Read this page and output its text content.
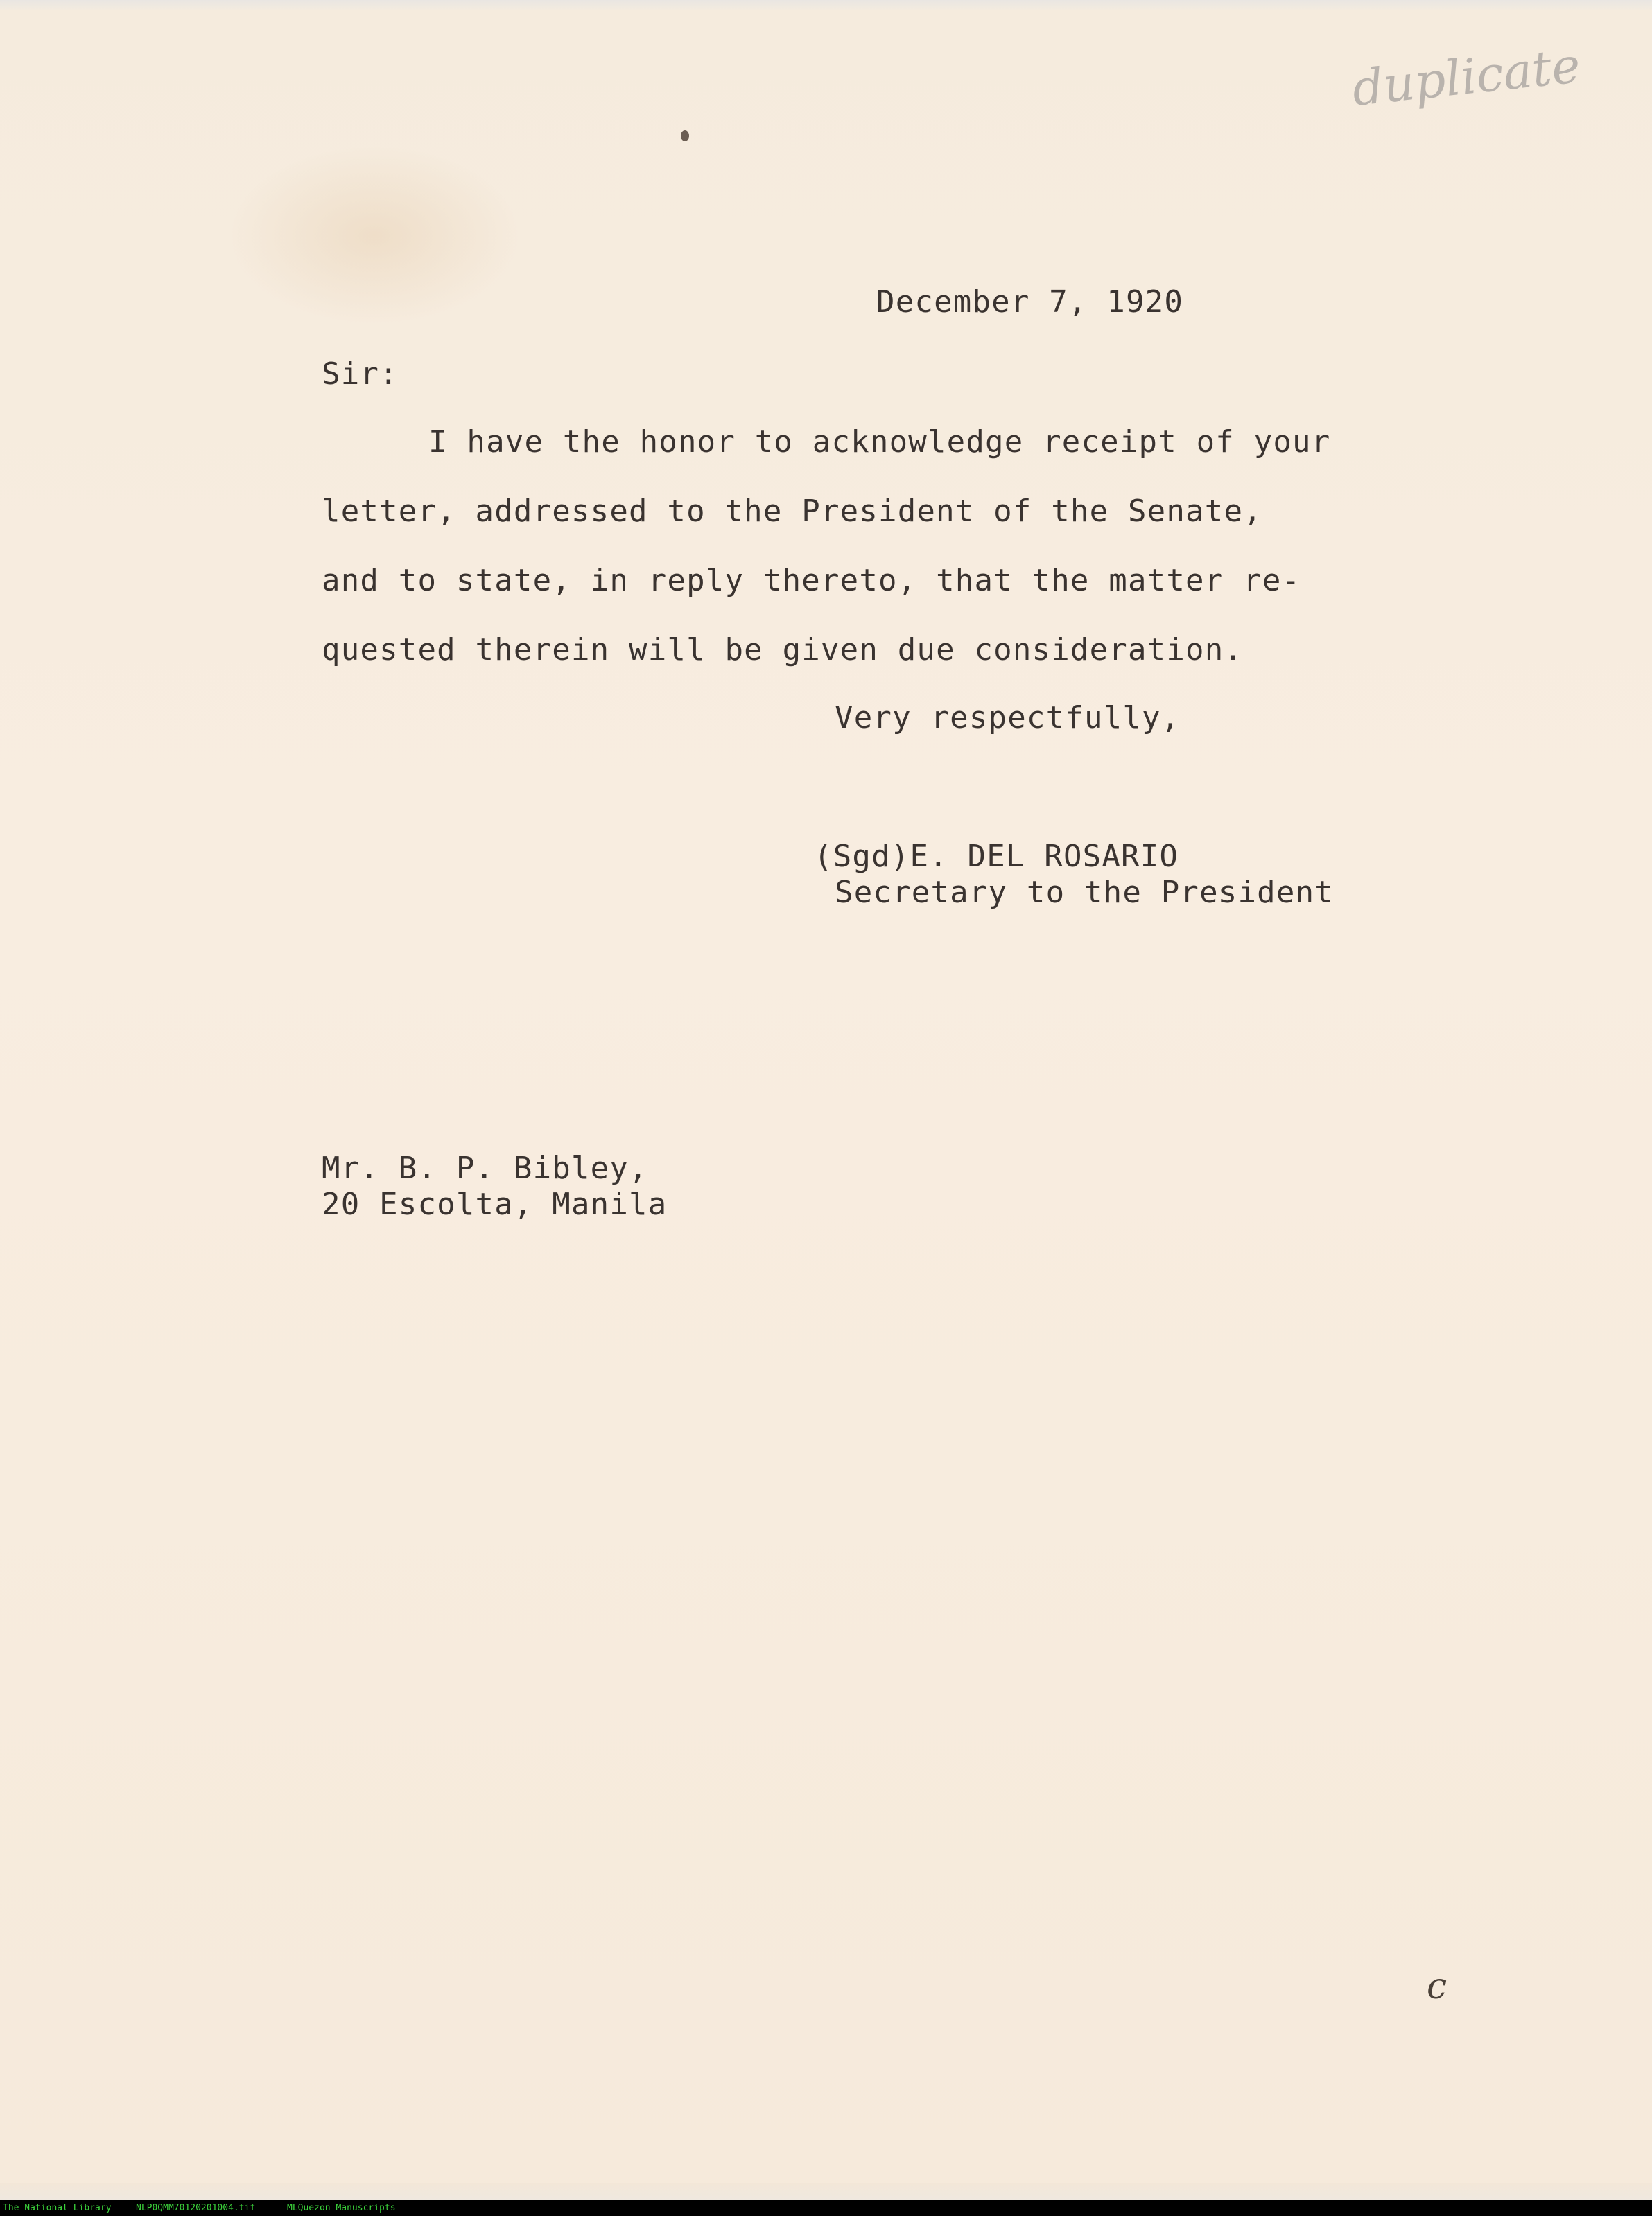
duplicate
December 7, 1920
Sir:
I have the honor to acknowledge receipt of your
letter, addressed to the President of the Senate,
and to state, in reply thereto, that the matter re-
quested therein will be given due consideration.
Very respectfully,
(Sgd)E. DEL ROSARIO
Secretary to the President
Mr. B. P. Bibley,
20 Escolta, Manila
c
The National Library	NLP0QMM70120201004.tif	MLQuezon Manuscripts
